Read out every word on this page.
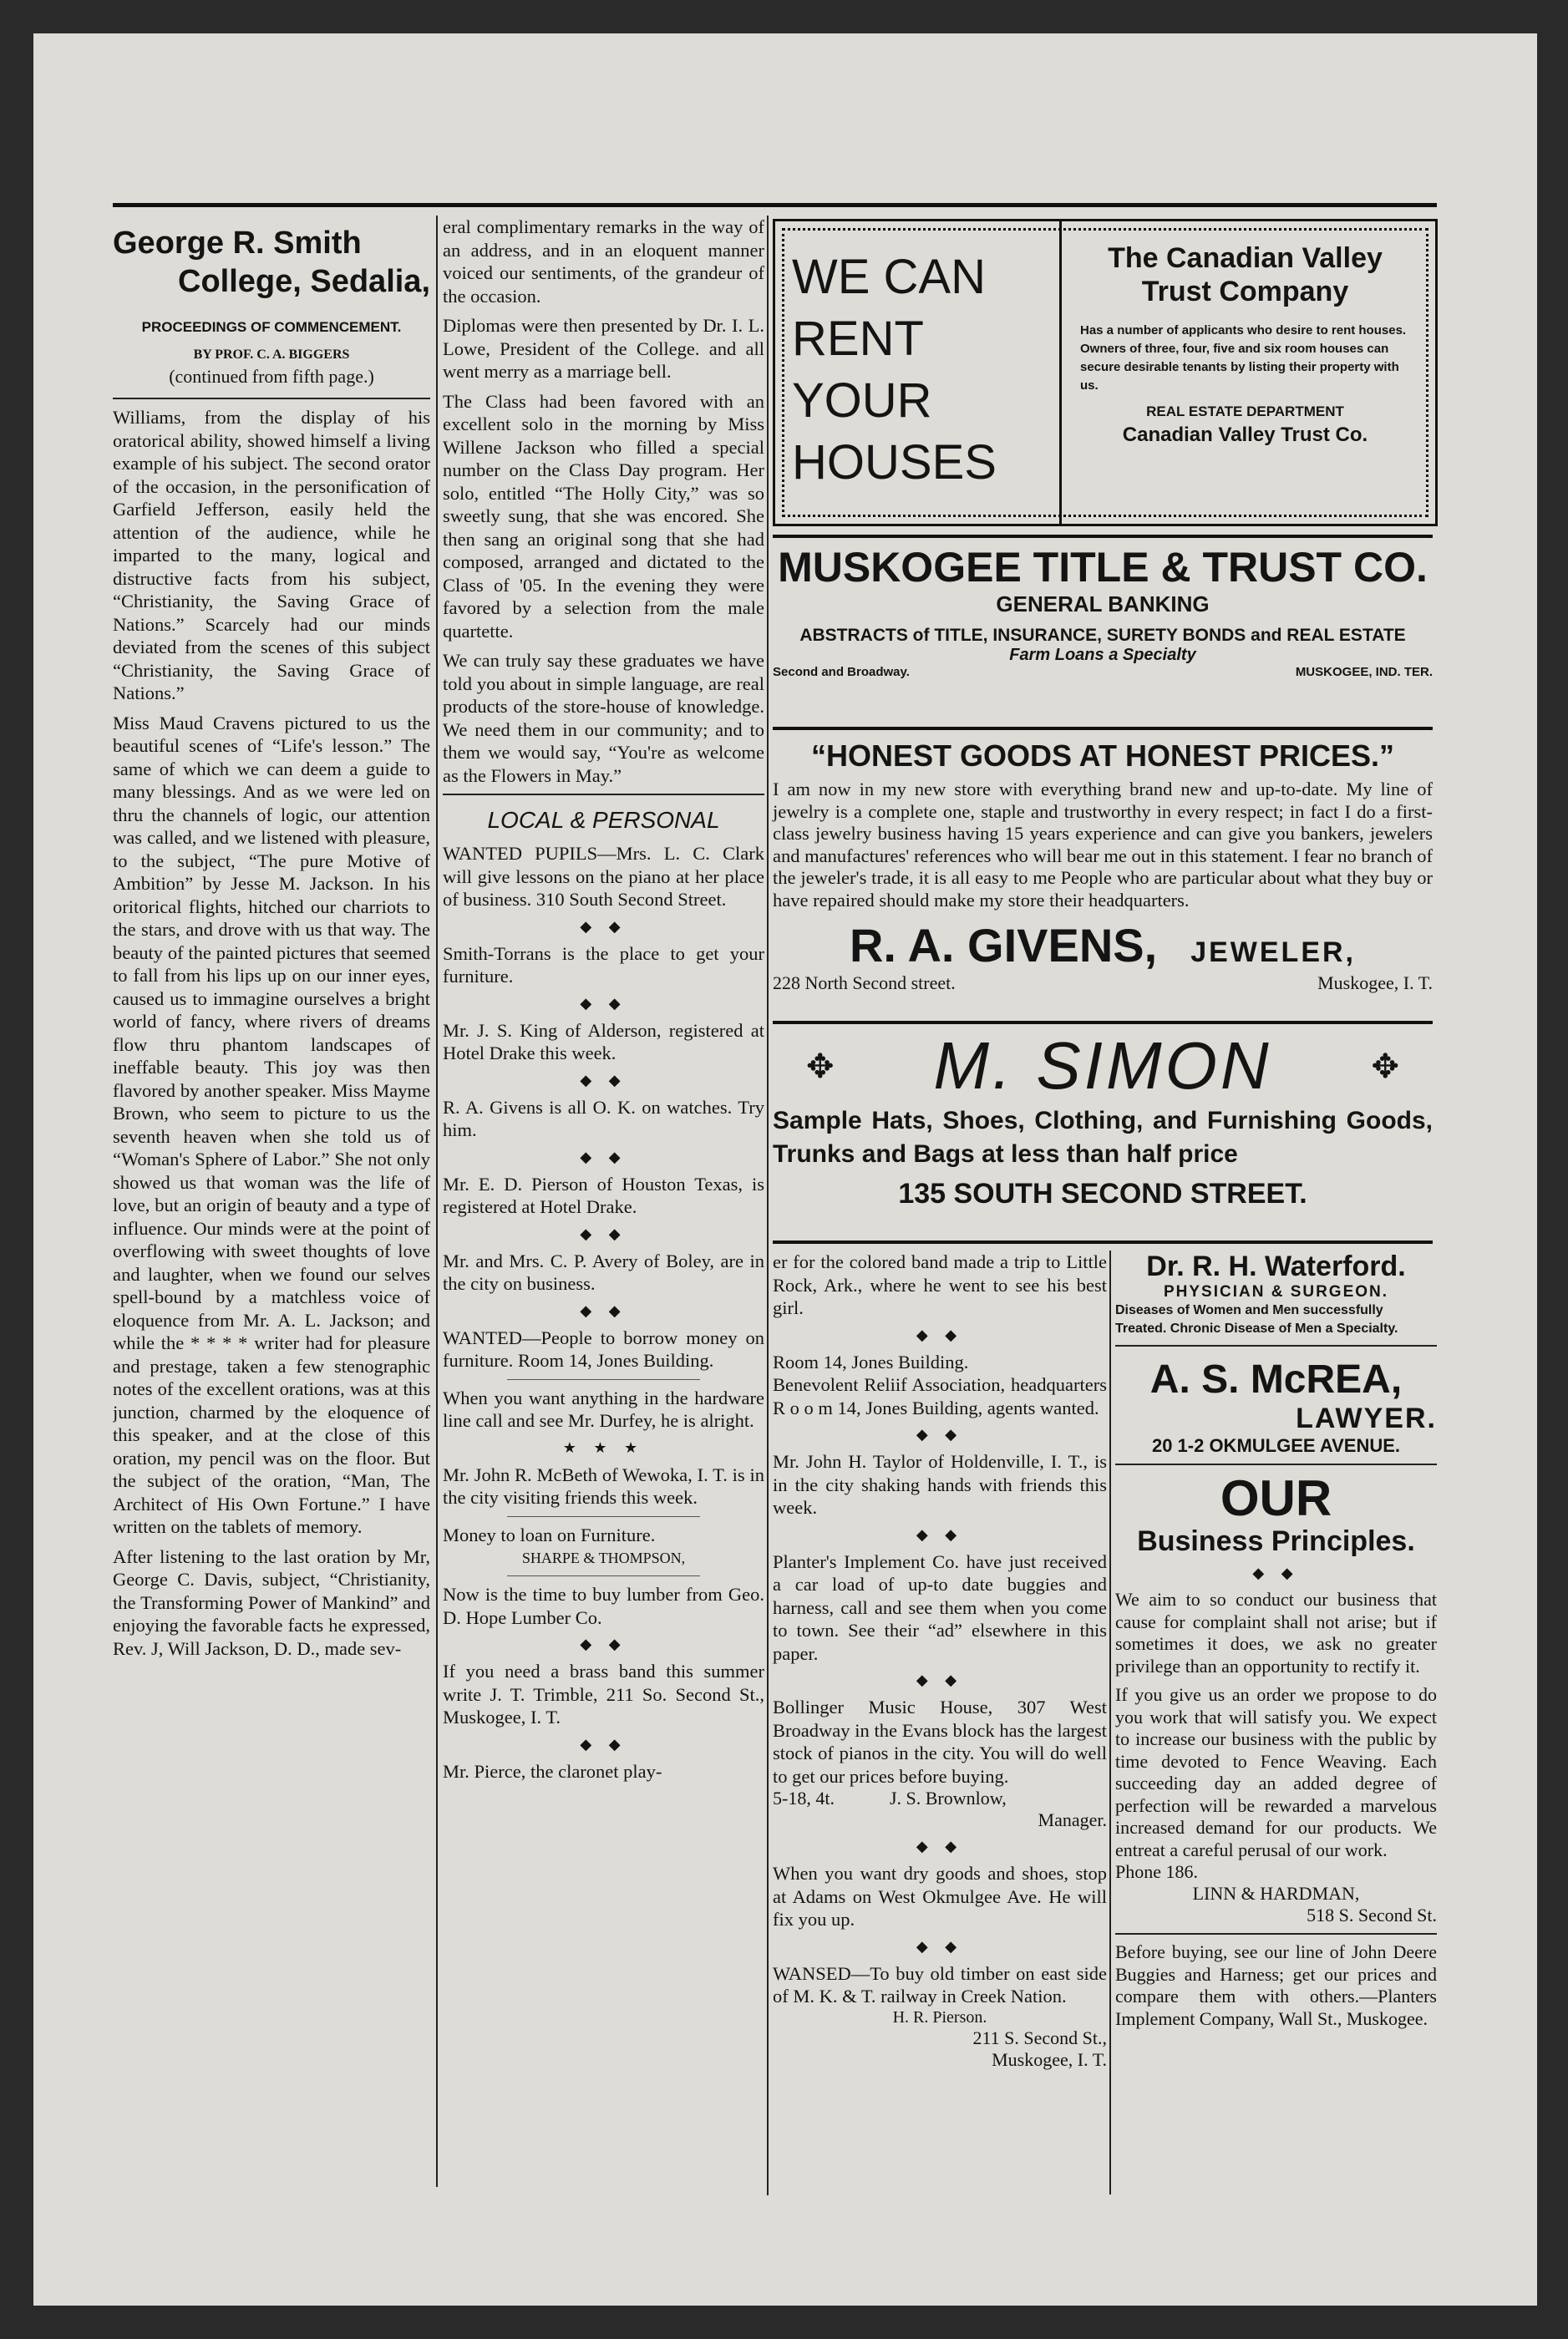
George R. Smith
College, Sedalia,
PROCEEDINGS OF COMMENCEMENT.
BY PROF. C. A. BIGGERS
(continued from fifth page.)

Williams, from the display of his oratorical ability, showed himself a living example of his subject. The second orator of the occasion, in the personification of Garfield Jefferson, easily held the attention of the audience, while he imparted to the many, logical and distructive facts from his subject, “Christianity, the Saving Grace of Nations.” Scarcely had our minds deviated from the scenes of this subject “Christianity, the Saving Grace of Nations.”

Miss Maud Cravens pictured to us the beautiful scenes of “Life's lesson.” The same of which we can deem a guide to many blessings. And as we were led on thru the channels of logic, our attention was called, and we listened with pleasure, to the subject, “The pure Motive of Ambition” by Jesse M. Jackson. In his oritorical flights, hitched our charriots to the stars, and drove with us that way. The beauty of the painted pictures that seemed to fall from his lips up on our inner eyes, caused us to immagine ourselves a bright world of fancy, where rivers of dreams flow thru phantom landscapes of ineffable beauty. This joy was then flavored by another speaker. Miss Mayme Brown, who seem to picture to us the seventh heaven when she told us of “Woman's Sphere of Labor.” She not only showed us that woman was the life of love, but an origin of beauty and a type of influence. Our minds were at the point of overflowing with sweet thoughts of love and laughter, when we found our selves spell-bound by a matchless voice of eloquence from Mr. A. L. Jackson; and while the * * * * writer had for pleasure and prestage, taken a few stenographic notes of the excellent orations, was at this junction, charmed by the eloquence of this speaker, and at the close of this oration, my pencil was on the floor. But the subject of the oration, “Man, The Architect of His Own Fortune.” I have written on the tablets of memory.

After listening to the last oration by Mr, George C. Davis, subject, “Christianity, the Transforming Power of Mankind” and enjoying the favorable facts he expressed, Rev. J, Will Jackson, D. D., made sev-

eral complimentary remarks in the way of an address, and in an eloquent manner voiced our sentiments, of the grandeur of the occasion.

Diplomas were then presented by Dr. I. L. Lowe, President of the College. and all went merry as a marriage bell.

The Class had been favored with an excellent solo in the morning by Miss Willene Jackson who filled a special number on the Class Day program. Her solo, entitled “The Holly City,” was so sweetly sung, that she was encored. She then sang an original song that she had composed, arranged and dictated to the Class of '05. In the evening they were favored by a selection from the male quartette.

We can truly say these graduates we have told you about in simple language, are real products of the store-house of knowledge. We need them in our community; and to them we would say, “You're as welcome as the Flowers in May.”

LOCAL & PERSONAL

WANTED PUPILS—Mrs. L. C. Clark will give lessons on the piano at her place of business. 310 South Second Street.

◆ ◆

Smith-Torrans is the place to get your furniture.

◆ ◆

Mr. J. S. King of Alderson, registered at Hotel Drake this week.

◆ ◆

R. A. Givens is all O. K. on watches. Try him.

◆ ◆

Mr. E. D. Pierson of Houston Texas, is registered at Hotel Drake.

◆ ◆

Mr. and Mrs. C. P. Avery of Boley, are in the city on business.

◆ ◆

WANTED—People to borrow money on furniture. Room 14, Jones Building.

When you want anything in the hardware line call and see Mr. Durfey, he is alright.

★ ★ ★

Mr. John R. McBeth of Wewoka, I. T. is in the city visiting friends this week.

Money to loan on Furniture.

SHARPE & THOMPSON,

Now is the time to buy lumber from Geo. D. Hope Lumber Co.

◆ ◆

If you need a brass band this summer write J. T. Trimble, 211 So. Second St., Muskogee, I. T.

◆ ◆

Mr. Pierce, the claronet play-

WE CAN
RENT
YOUR
HOUSES
The Canadian Valley Trust Company
Has a number of applicants who desire to rent houses. Owners of three, four, five and six room houses can secure desirable tenants by listing their property with us.
REAL ESTATE DEPARTMENT
Canadian Valley Trust Co.
MUSKOGEE TITLE & TRUST CO.
GENERAL BANKING
ABSTRACTS of TITLE, INSURANCE, SURETY BONDS and REAL ESTATE
Farm Loans a Specialty
Second and Broadway.	MUSKOGEE, IND. TER.
“HONEST GOODS AT HONEST PRICES.”

I am now in my new store with everything brand new and up-to-date. My line of jewelry is a complete one, staple and trustworthy in every respect; in fact I do a first-class jewelry business having 15 years experience and can give you bankers, jewelers and manufactures' references who will bear me out in this statement. I fear no branch of the jeweler's trade, it is all easy to me People who are particular about what they buy or have repaired should make my store their headquarters.

R. A. GIVENS, JEWELER,
228 North Second street.	Muskogee, I. T.
✥ M. SIMON	✥
Sample Hats, Shoes, Clothing, and Furnishing Goods, Trunks and Bags at less than half price
135 SOUTH SECOND STREET.

er for the colored band made a trip to Little Rock, Ark., where he went to see his best girl.

◆ ◆

Room 14, Jones Building.

Benevolent Reliif Association, headquarters R o o m 14, Jones Building, agents wanted.

◆ ◆

Mr. John H. Taylor of Holdenville, I. T., is in the city shaking hands with friends this week.

◆ ◆

Planter's Implement Co. have just received a car load of up-to date buggies and harness, call and see them when you come to town. See their “ad” elsewhere in this paper.

◆ ◆

Bollinger Music House, 307 West Broadway in the Evans block has the largest stock of pianos in the city. You will do well to get our prices before buying.

5-18, 4t.            J. S. Brownlow,
Manager.
◆ ◆

When you want dry goods and shoes, stop at Adams on West Okmulgee Ave. He will fix you up.

◆ ◆

WANSED—To buy old timber on east side of M. K. & T. railway in Creek Nation.

H. R. Pierson.
211 S. Second St.,
Muskogee, I. T.
Dr. R. H. Waterford.
PHYSICIAN & SURGEON.
Diseases of Women and Men successfully Treated. Chronic Disease of Men a Specialty.
A. S. McREA,
LAWYER.
20 1-2 OKMULGEE AVENUE.
OUR
Business Principles.
◆ ◆

We aim to so conduct our business that cause for complaint shall not arise; but if sometimes it does, we ask no greater privilege than an opportunity to rectify it.

If you give us an order we propose to do you work that will satisfy you. We expect to increase our business with the public by time devoted to Fence Weaving. Each succeeding day an added degree of perfection will be rewarded a marvelous increased demand for our products. We entreat a careful perusal of our work.

Phone 186.
LINN & HARDMAN,
518 S. Second St.

Before buying, see our line of John Deere Buggies and Harness; get our prices and compare them with others.—Planters Implement Company, Wall St., Muskogee.
